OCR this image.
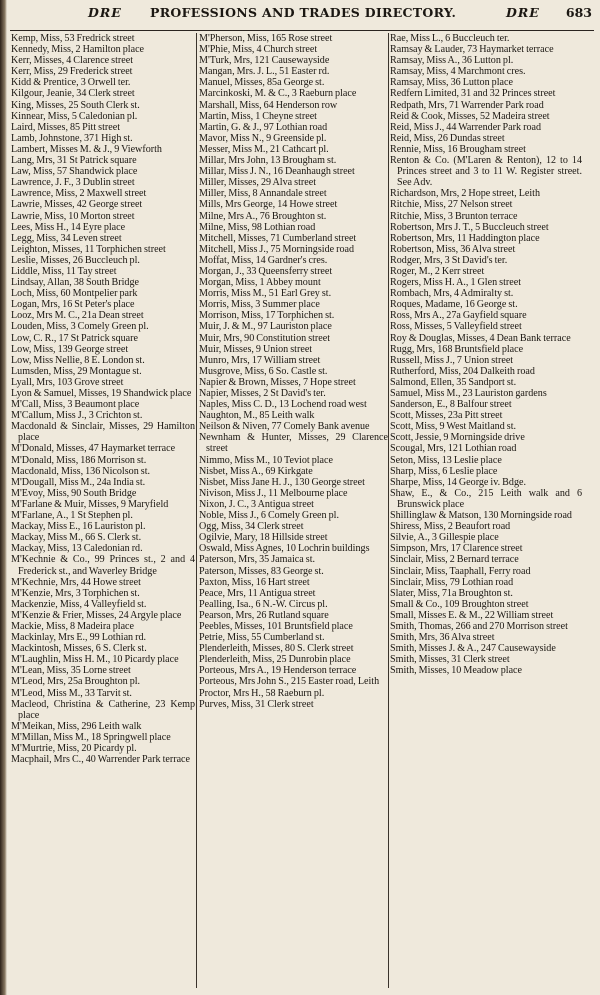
DRE PROFESSIONS AND TRADES DIRECTORY.	DRE 683
Kemp, Miss, 53 Fredrick street
Kennedy, Miss, 2 Hamilton place
Kerr, Misses, 4 Clarence street
Kerr, Miss, 29 Frederick street
Kidd & Prentice, 3 Orwell ter.
Kilgour, Jeanie, 34 Clerk street
King, Misses, 25 South Clerk st.
Kinnear, Miss, 5 Caledonian pl.
Laird, Misses, 85 Pitt street
Lamb, Johnstone, 371 High st.
Lambert, Misses M. & J., 9 Viewforth
Lang, Mrs, 31 St Patrick square
Law, Miss, 57 Shandwick place
Lawrence, J. F., 3 Dublin street
Lawrence, Miss, 2 Maxwell street
Lawrie, Misses, 42 George street
Lawrie, Miss, 10 Morton street
Lees, Miss H., 14 Eyre place
Legg, Miss, 34 Leven street
Leighton, Misses, 11 Torphichen street
Leslie, Misses, 26 Buccleuch pl.
Liddle, Miss, 11 Tay street
Lindsay, Allan, 38 South Bridge
Loch, Miss, 60 Montpelier park
Logan, Mrs, 16 St Peter's place
Looz, Mrs M. C., 21a Dean street
Louden, Miss, 3 Comely Green pl.
Low, C. R., 17 St Patrick square
Low, Miss, 139 George street
Low, Miss Nellie, 8 E. London st.
Lumsden, Miss, 29 Montague st.
Lyall, Mrs, 103 Grove street
Lyon & Samuel, Misses, 19 Shandwick place
M'Call, Miss, 3 Beaumont place
M'Callum, Miss J., 3 Crichton st.
Macdonald & Sinclair, Misses, 29 Hamilton place
M'Donald, Misses, 47 Haymarket terrace
M'Donald, Miss, 186 Morrison st.
Macdonald, Miss, 136 Nicolson st.
M'Dougall, Miss M., 24a India st.
M'Evoy, Miss, 90 South Bridge
M'Farlane & Muir, Misses, 9 Maryfield
M'Farlane, A., 1 St Stephen pl.
Mackay, Miss E., 16 Lauriston pl.
Mackay, Miss M., 66 S. Clerk st.
Mackay, Miss, 13 Caledonian rd.
M'Kechnie & Co., 99 Princes st., 2 and 4 Frederick st., and Waverley Bridge
M'Kechnie, Mrs, 44 Howe street
M'Kenzie, Mrs, 3 Torphichen st.
Mackenzie, Miss, 4 Valleyfield st.
M'Kenzie & Frier, Misses, 24 Argyle place
Mackie, Miss, 8 Madeira place
Mackinlay, Mrs E., 99 Lothian rd.
Mackintosh, Misses, 6 S. Clerk st.
M'Laughlin, Miss H. M., 10 Picardy place
M'Lean, Miss, 35 Lorne street
M'Leod, Mrs, 25a Broughton pl.
M'Leod, Miss M., 33 Tarvit st.
Macleod, Christina & Catherine, 23 Kemp place
M'Meikan, Miss, 296 Leith walk
M'Millan, Miss M., 18 Springwell place
M'Murtrie, Miss, 20 Picardy pl.
Macphail, Mrs C., 40 Warrender Park terrace
M'Pherson, Miss, 165 Rose street
M'Phie, Miss, 4 Church street
M'Turk, Mrs, 121 Causewayside
Mangan, Mrs. J. L., 51 Easter rd.
Manuel, Misses, 85a George st.
Marcinkoski, M. & C., 3 Raeburn place
Marshall, Miss, 64 Henderson row
Martin, Miss, 1 Cheyne street
Martin, G. & J., 97 Lothian road
Mavor, Miss N., 9 Greenside pl.
Messer, Miss M., 21 Cathcart pl.
Millar, Mrs John, 13 Brougham st.
Millar, Miss J. N., 16 Deanhaugh street
Miller, Misses, 29 Alva street
Miller, Miss, 8 Annandale street
Mills, Mrs George, 14 Howe street
Milne, Mrs A., 76 Broughton st.
Milne, Miss, 98 Lothian road
Mitchell, Misses, 71 Cumberland street
Mitchell, Miss J., 75 Morningside road
Moffat, Miss, 14 Gardner's cres.
Morgan, J., 33 Queensferry street
Morgan, Miss, 1 Abbey mount
Morris, Miss M., 51 Earl Grey st.
Morris, Miss, 3 Summer place
Morrison, Miss, 17 Torphichen st.
Muir, J. & M., 97 Lauriston place
Muir, Mrs, 90 Constitution street
Muir, Misses, 9 Union street
Munro, Mrs, 17 William street
Musgrove, Miss, 6 So. Castle st.
Napier & Brown, Misses, 7 Hope street
Napier, Misses, 2 St David's ter.
Naples, Miss C. D., 13 Lochend road west
Naughton, M., 85 Leith walk
Neilson & Niven, 77 Comely Bank avenue
Newnham & Hunter, Misses, 29 Clarence street
Nimmo, Miss M., 10 Teviot place
Nisbet, Miss A., 69 Kirkgate
Nisbet, Miss Jane H. J., 130 George street
Nivison, Miss J., 11 Melbourne place
Nixon, J. C., 3 Antigua street
Noble, Miss J., 6 Comely Green pl.
Ogg, Miss, 34 Clerk street
Ogilvie, Mary, 18 Hillside street
Oswald, Miss Agnes, 10 Lochrin buildings
Paterson, Mrs, 35 Jamaica st.
Paterson, Misses, 83 George st.
Paxton, Miss, 16 Hart street
Peace, Mrs, 11 Antigua street
Pealling, Isa., 6 N.-W. Circus pl.
Pearson, Mrs, 26 Rutland square
Peebles, Misses, 101 Bruntsfield place
Petrie, Miss, 55 Cumberland st.
Plenderleith, Misses, 80 S. Clerk street
Plenderleith, Miss, 25 Dunrobin place
Porteous, Mrs A., 19 Henderson terrace
Porteous, Mrs John S., 215 Easter road, Leith
Proctor, Mrs H., 58 Raeburn pl.
Purves, Miss, 31 Clerk street
Rae, Miss L., 6 Buccleuch ter.
Ramsay & Lauder, 73 Haymarket terrace
Ramsay, Miss A., 36 Lutton pl.
Ramsay, Miss, 4 Marchmont cres.
Ramsay, Miss, 36 Lutton place
Redfern Limited, 31 and 32 Princes street
Redpath, Mrs, 71 Warrender Park road
Reid & Cook, Misses, 52 Madeira street
Reid, Miss J., 44 Warrender Park road
Reid, Miss, 26 Dundas street
Rennie, Miss, 16 Brougham street
Renton & Co. (M'Laren & Renton), 12 to 14 Princes street and 3 to 11 W. Register street. See Adv.
Richardson, Mrs, 2 Hope street, Leith
Ritchie, Miss, 27 Nelson street
Ritchie, Miss, 3 Brunton terrace
Robertson, Mrs J. T., 5 Buccleuch street
Robertson, Mrs, 11 Haddington place
Robertson, Miss, 36 Alva street
Rodger, Mrs, 3 St David's ter.
Roger, M., 2 Kerr street
Rogers, Miss H. A., 1 Glen street
Rombach, Mrs, 4 Admiralty st.
Roques, Madame, 16 George st.
Ross, Mrs A., 27a Gayfield square
Ross, Misses, 5 Valleyfield street
Roy & Douglas, Misses, 4 Dean Bank terrace
Rugg, Mrs, 168 Bruntsfield place
Russell, Miss J., 7 Union street
Rutherford, Miss, 204 Dalkeith road
Salmond, Ellen, 35 Sandport st.
Samuel, Miss M., 23 Lauriston gardens
Sanderson, E., 8 Balfour street
Scott, Misses, 23a Pitt street
Scott, Miss, 9 West Maitland st.
Scott, Jessie, 9 Morningside drive
Scougal, Mrs, 121 Lothian road
Seton, Miss, 13 Leslie place
Sharp, Miss, 6 Leslie place
Sharpe, Miss, 14 George iv. Bdge.
Shaw, E., & Co., 215 Leith walk and 6 Brunswick place
Shillinglaw & Matson, 130 Morningside road
Shiress, Miss, 2 Beaufort road
Silvie, A., 3 Gillespie place
Simpson, Mrs, 17 Clarence street
Sinclair, Miss, 2 Bernard terrace
Sinclair, Miss, Taaphall, Ferry road
Sinclair, Miss, 79 Lothian road
Slater, Miss, 71a Broughton st.
Small & Co., 109 Broughton street
Small, Misses E. & M., 22 William street
Smith, Thomas, 266 and 270 Morrison street
Smith, Mrs, 36 Alva street
Smith, Misses J. & A., 247 Causewayside
Smith, Misses, 31 Clerk street
Smith, Misses, 10 Meadow place
